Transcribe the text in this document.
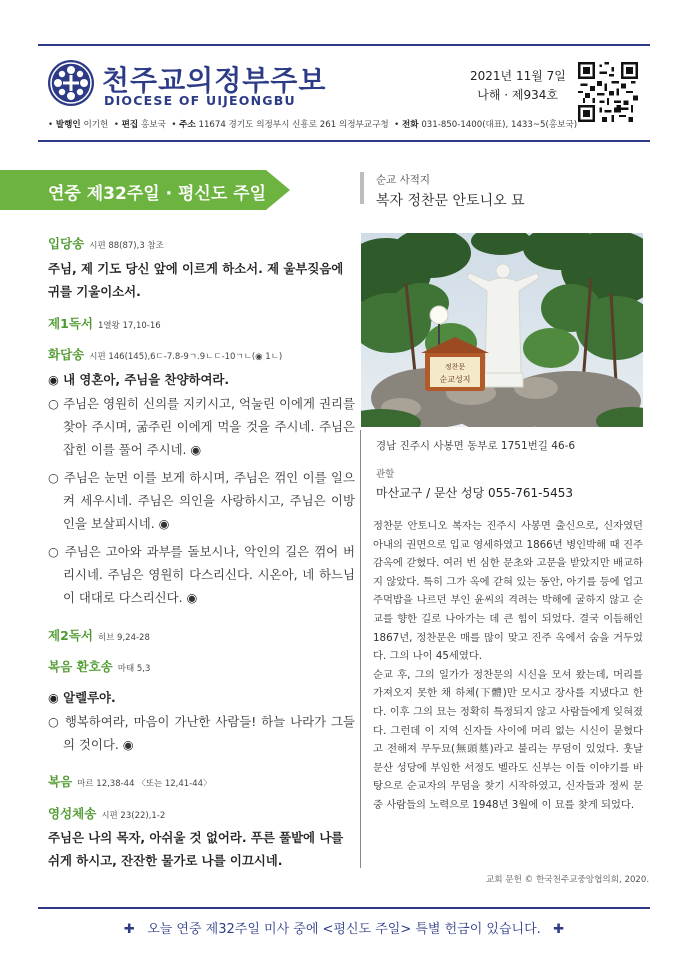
천주교의정부주보
DIOCESE OF UIJEONGBU
2021년 11월 7일
나해 · 제934호
• 발행인 이기헌  • 편집 홍보국  • 주소 11674 경기도 의정부시 신흥로 261 의정부교구청  • 전화 031-850-1400(대표), 1433~5(홍보국)
연중 제32주일 · 평신도 주일
입당송 시편 88(87),3 참조
주님, 제 기도 당신 앞에 이르게 하소서. 제 울부짖음에 귀를 기울이소서.
제1독서 1열왕 17,10-16
화답송 시편 146(145),6ㄷ-7.8-9ㄱ.9ㄴㄷ-10ㄱㄴ(◉ 1ㄴ)
◉ 내 영혼아, 주님을 찬양하여라.
○ 주님은 영원히 신의를 지키시고, 억눌린 이에게 권리를 찾아 주시며, 굶주린 이에게 먹을 것을 주시네. 주님은 잡힌 이를 풀어 주시네. ◉
○ 주님은 눈먼 이를 보게 하시며, 주님은 꺾인 이를 일으켜 세우시네. 주님은 의인을 사랑하시고, 주님은 이방인을 보살피시네. ◉
○ 주님은 고아와 과부를 돌보시나, 악인의 길은 꺾어 버리시네. 주님은 영원히 다스리신다. 시온아, 네 하느님이 대대로 다스리신다. ◉
제2독서 히브 9,24-28
복음 환호송 마태 5,3
◉ 알렐루야.
○ 행복하여라, 마음이 가난한 사람들! 하늘 나라가 그들의 것이다. ◉
복음 마르 12,38-44 〈또는 12,41-44〉
영성체송 시편 23(22),1-2
주님은 나의 목자, 아쉬울 것 없어라. 푸른 풀밭에 나를 쉬게 하시고, 잔잔한 물가로 나를 이끄시네.
순교 사적지
복자 정찬문 안토니오 묘
정찬문
순교성지
경남 진주시 사봉면 동부로 1751번길 46-6
관할
마산교구 / 문산 성당 055-761-5453

정찬문 안토니오 복자는 진주시 사봉면 출신으로, 신자였던 아내의 권면으로 입교 영세하였고 1866년 병인박해 때 진주 감옥에 갇혔다. 여러 번 심한 문초와 고문을 받았지만 배교하지 않았다. 특히 그가 옥에 갇혀 있는 동안, 아기를 등에 업고 주먹밥을 나르던 부인 윤씨의 격려는 박해에 굴하지 않고 순교를 향한 길로 나아가는 데 큰 힘이 되었다. 결국 이듬해인 1867년, 정찬문은 매를 많이 맞고 진주 옥에서 숨을 거두었다. 그의 나이 45세였다.

순교 후, 그의 일가가 정찬문의 시신을 모셔 왔는데, 머리를 가져오지 못한 채 하체(下體)만 모시고 장사를 지냈다고 한다. 이후 그의 묘는 정확히 특정되지 않고 사람들에게 잊혀졌다. 그런데 이 지역 신자들 사이에 머리 없는 시신이 묻혔다고 전해져 무두묘(無頭墓)라고 불리는 무덤이 있었다. 훗날 문산 성당에 부임한 서정도 벨라도 신부는 이들 이야기를 바탕으로 순교자의 무덤을 찾기 시작하였고, 신자들과 정씨 문중 사람들의 노력으로 1948년 3월에 이 묘를 찾게 되었다.

교회 문헌 © 한국천주교중앙협의회, 2020.
✚ 오늘 연중 제32주일 미사 중에 <평신도 주일> 특별 헌금이 있습니다. ✚
